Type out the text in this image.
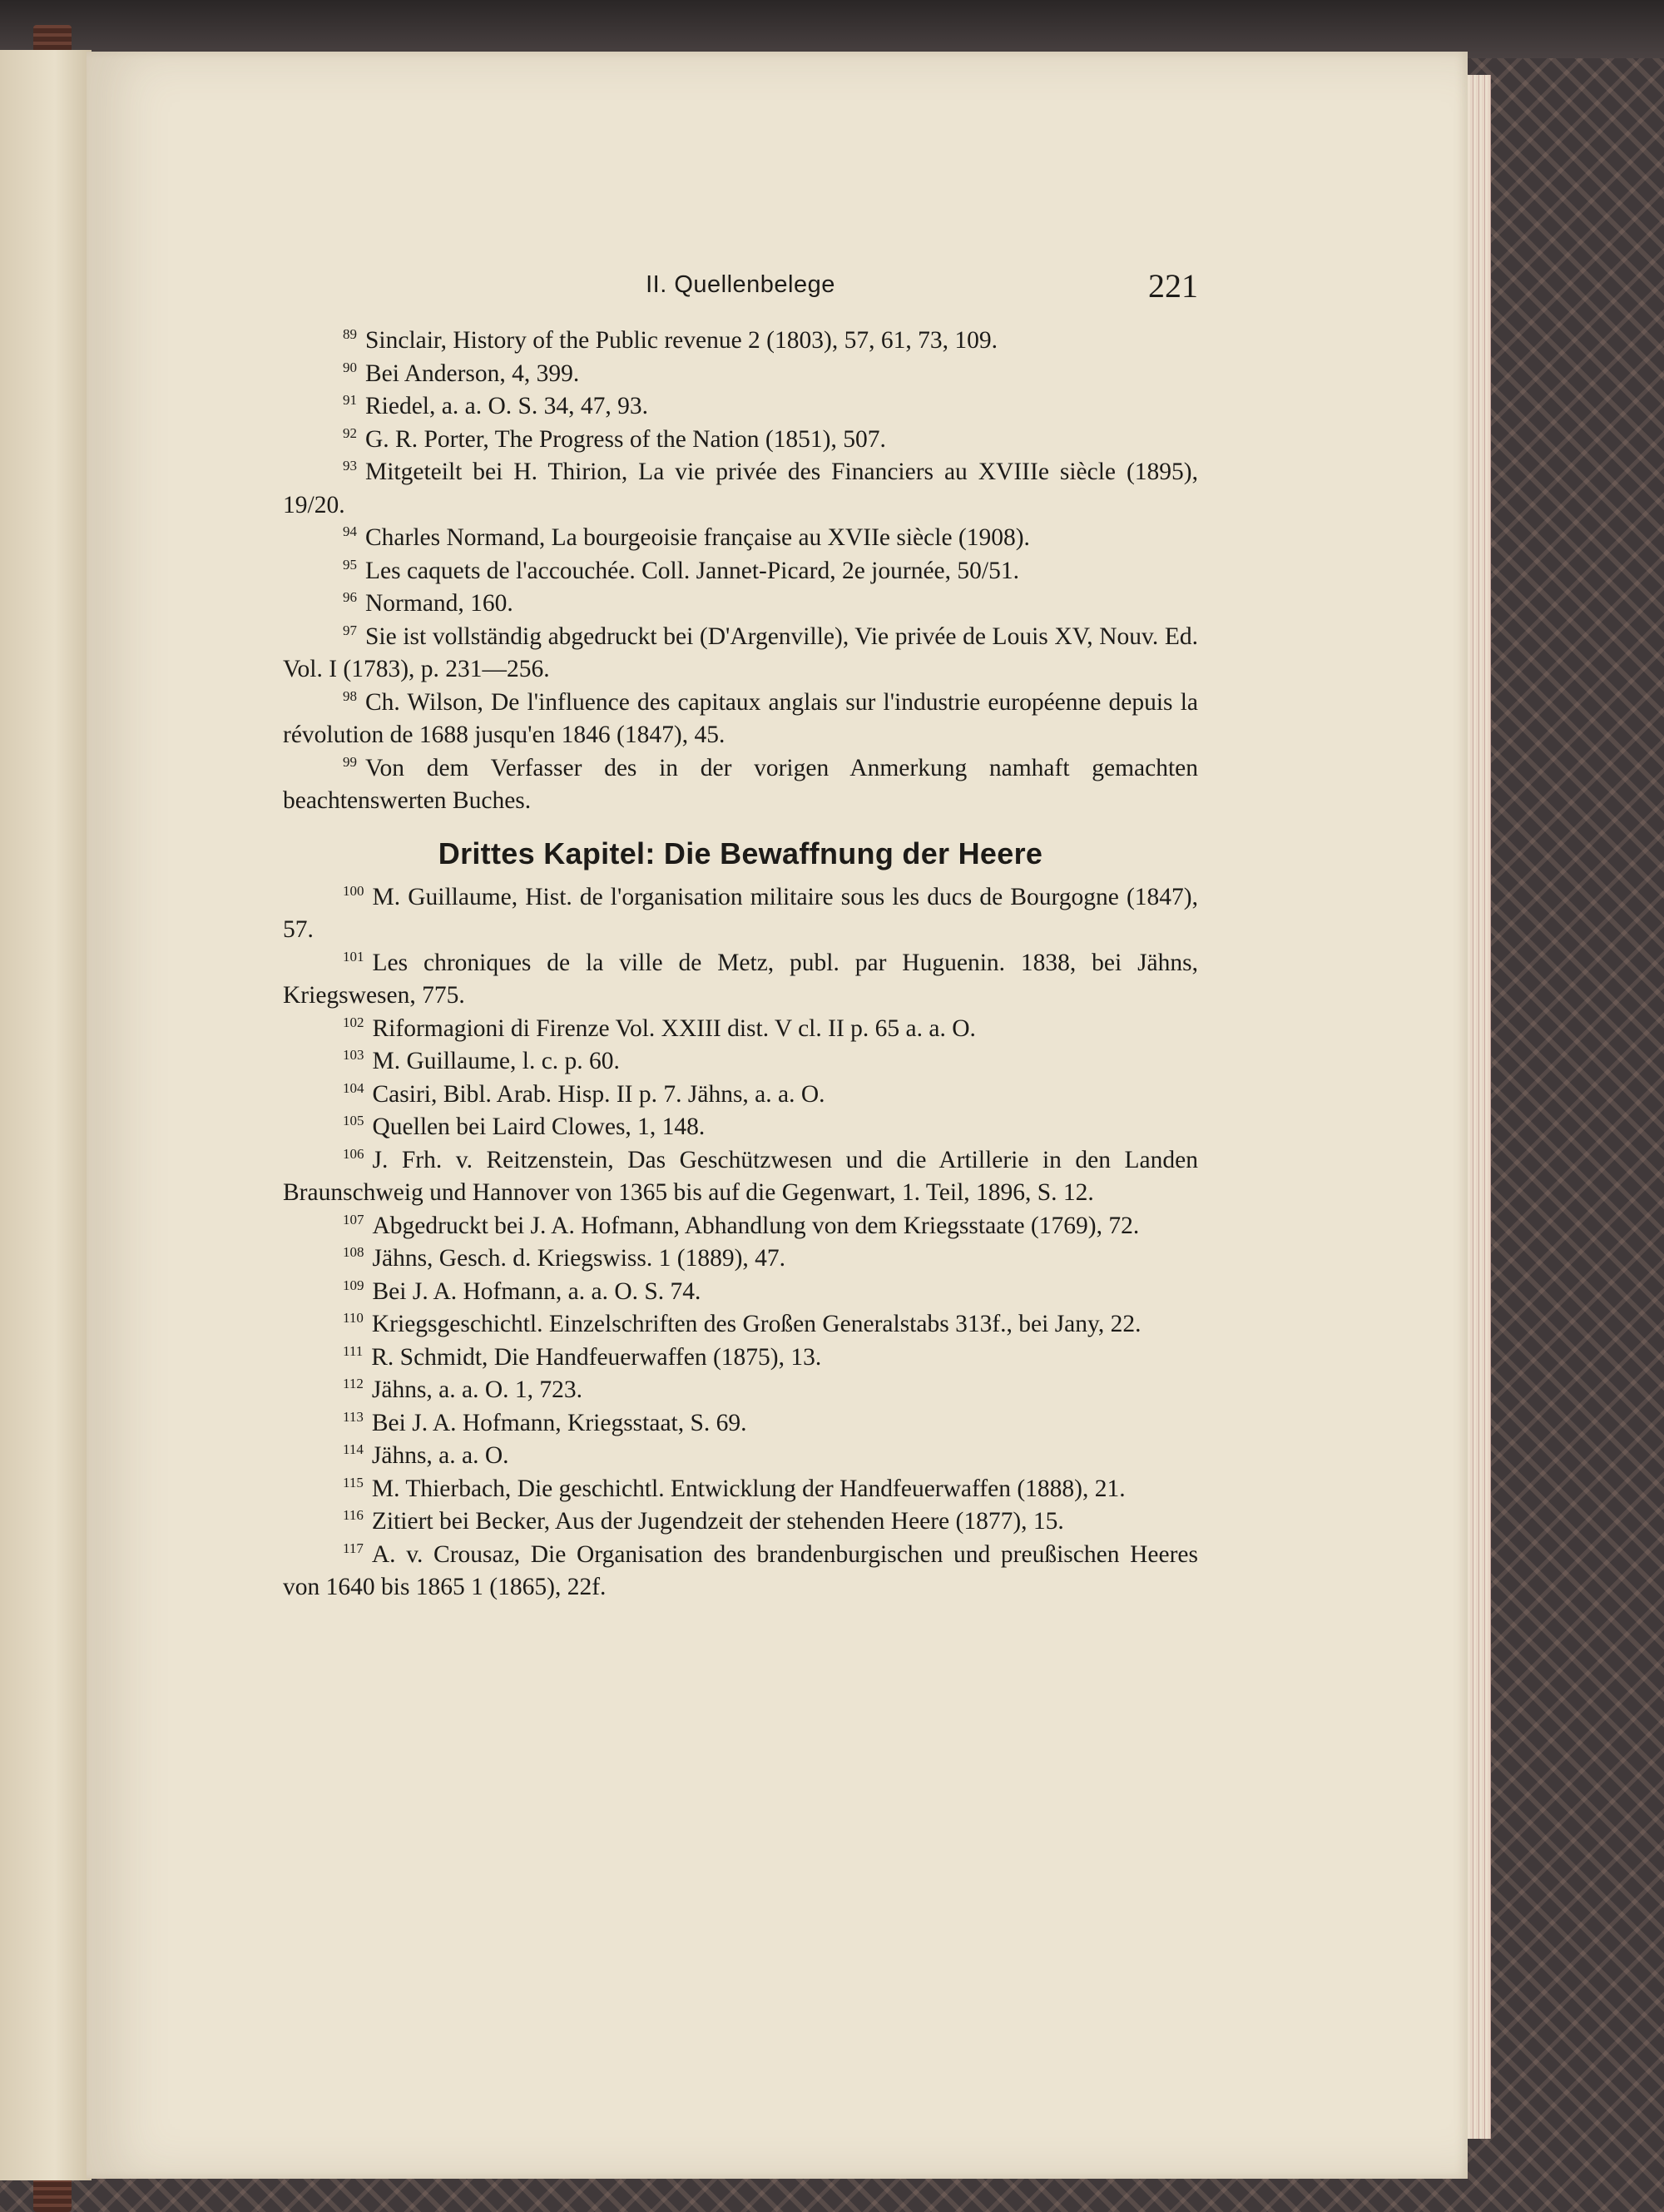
II. Quellenbelege	221

$^{89}$ Sinclair, History of the Public revenue 2 (1803), 57, 61, 73, 109.

$^{90}$ Bei Anderson, 4, 399.

$^{91}$ Riedel, a. a. O. S. 34, 47, 93.

$^{92}$ G. R. Porter, The Progress of the Nation (1851), 507.

$^{93}$ Mitgeteilt bei H. Thirion, La vie privée des Financiers au XVIIIe siècle (1895), 19/20.

$^{94}$ Charles Normand, La bourgeoisie française au XVIIe siècle (1908).

$^{95}$ Les caquets de l'accouchée. Coll. Jannet-Picard, 2e journée, 50/51.

$^{96}$ Normand, 160.

$^{97}$ Sie ist vollständig abgedruckt bei (D'Argenville), Vie privée de Louis XV, Nouv. Ed. Vol. I (1783), p. 231—256.

$^{98}$ Ch. Wilson, De l'influence des capitaux anglais sur l'industrie européenne depuis la révolution de 1688 jusqu'en 1846 (1847), 45.

$^{99}$ Von dem Verfasser des in der vorigen Anmerkung namhaft gemachten beachtenswerten Buches.

Drittes Kapitel: Die Bewaffnung der Heere

$^{100}$ M. Guillaume, Hist. de l'organisation militaire sous les ducs de Bourgogne (1847), 57.

$^{101}$ Les chroniques de la ville de Metz, publ. par Huguenin. 1838, bei Jähns, Kriegswesen, 775.

$^{102}$ Riformagioni di Firenze Vol. XXIII dist. V cl. II p. 65 a. a. O.

$^{103}$ M. Guillaume, l. c. p. 60.

$^{104}$ Casiri, Bibl. Arab. Hisp. II p. 7. Jähns, a. a. O.

$^{105}$ Quellen bei Laird Clowes, 1, 148.

$^{106}$ J. Frh. v. Reitzenstein, Das Geschützwesen und die Artillerie in den Landen Braunschweig und Hannover von 1365 bis auf die Gegenwart, 1. Teil, 1896, S. 12.

$^{107}$ Abgedruckt bei J. A. Hofmann, Abhandlung von dem Kriegsstaate (1769), 72.

$^{108}$ Jähns, Gesch. d. Kriegswiss. 1 (1889), 47.

$^{109}$ Bei J. A. Hofmann, a. a. O. S. 74.

$^{110}$ Kriegsgeschichtl. Einzelschriften des Großen Generalstabs 313f., bei Jany, 22.

$^{111}$ R. Schmidt, Die Handfeuerwaffen (1875), 13.

$^{112}$ Jähns, a. a. O. 1, 723.

$^{113}$ Bei J. A. Hofmann, Kriegsstaat, S. 69.

$^{114}$ Jähns, a. a. O.

$^{115}$ M. Thierbach, Die geschichtl. Entwicklung der Handfeuerwaffen (1888), 21.

$^{116}$ Zitiert bei Becker, Aus der Jugendzeit der stehenden Heere (1877), 15.

$^{117}$ A. v. Crousaz, Die Organisation des brandenburgischen und preußischen Heeres von 1640 bis 1865 1 (1865), 22f.
